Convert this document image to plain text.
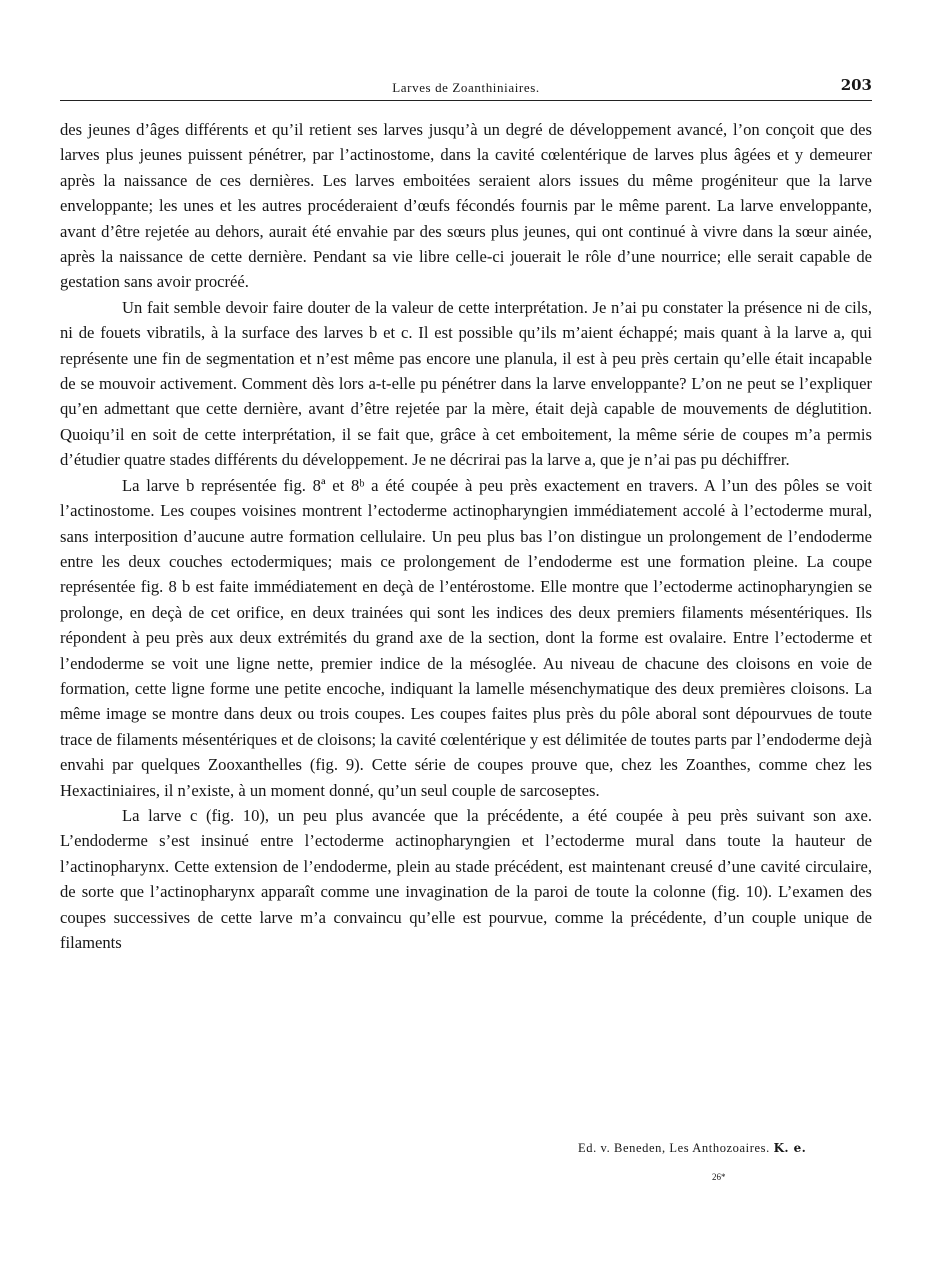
Larves de Zoanthiniaires.	203

des jeunes d’âges différents et qu’il retient ses larves jusqu’à un degré de développement avancé, l’on conçoit que des larves plus jeunes puissent pénétrer, par l’actinostome, dans la cavité cœlentérique de larves plus âgées et y demeurer après la naissance de ces dernières. Les larves emboitées seraient alors issues du même progéniteur que la larve enveloppante; les unes et les autres procéderaient d’œufs fécondés fournis par le même parent. La larve enveloppante, avant d’être rejetée au dehors, aurait été envahie par des sœurs plus jeunes, qui ont continué à vivre dans la sœur ainée, après la naissance de cette dernière. Pendant sa vie libre celle-ci jouerait le rôle d’une nourrice; elle serait capable de gestation sans avoir procréé.

Un fait semble devoir faire douter de la valeur de cette interprétation. Je n’ai pu constater la présence ni de cils, ni de fouets vibratils, à la surface des larves b et c. Il est possible qu’ils m’aient échappé; mais quant à la larve a, qui représente une fin de segmentation et n’est même pas encore une planula, il est à peu près certain qu’elle était incapable de se mouvoir activement. Comment dès lors a-t-elle pu pénétrer dans la larve enveloppante? L’on ne peut se l’expliquer qu’en admettant que cette dernière, avant d’être rejetée par la mère, était dejà capable de mouvements de déglutition. Quoiqu’il en soit de cette interprétation, il se fait que, grâce à cet emboitement, la même série de coupes m’a permis d’étudier quatre stades différents du développement. Je ne décrirai pas la larve a, que je n’ai pas pu déchiffrer.

La larve b représentée fig. 8ª et 8ᵇ a été coupée à peu près exactement en travers. A l’un des pôles se voit l’actinostome. Les coupes voisines montrent l’ectoderme actinopharyngien immédiatement accolé à l’ectoderme mural, sans interposition d’aucune autre formation cellulaire. Un peu plus bas l’on distingue un prolongement de l’endoderme entre les deux couches ectodermiques; mais ce prolongement de l’endoderme est une formation pleine. La coupe représentée fig. 8 b est faite immédiatement en deçà de l’entérostome. Elle montre que l’ectoderme actinopharyngien se prolonge, en deçà de cet orifice, en deux trainées qui sont les indices des deux premiers filaments mésentériques. Ils répondent à peu près aux deux extrémités du grand axe de la section, dont la forme est ovalaire. Entre l’ectoderme et l’endoderme se voit une ligne nette, premier indice de la mésoglée. Au niveau de chacune des cloisons en voie de formation, cette ligne forme une petite encoche, indiquant la lamelle mésenchymatique des deux premières cloisons. La même image se montre dans deux ou trois coupes. Les coupes faites plus près du pôle aboral sont dépourvues de toute trace de filaments mésentériques et de cloisons; la cavité cœlentérique y est délimitée de toutes parts par l’endoderme dejà envahi par quelques Zooxanthelles (fig. 9). Cette série de coupes prouve que, chez les Zoanthes, comme chez les Hexactiniaires, il n’existe, à un moment donné, qu’un seul couple de sarcoseptes.

La larve c (fig. 10), un peu plus avancée que la précédente, a été coupée à peu près suivant son axe. L’endoderme s’est insinué entre l’ectoderme actinopharyngien et l’ectoderme mural dans toute la hauteur de l’actinopharynx. Cette extension de l’endoderme, plein au stade précédent, est maintenant creusé d’une cavité circulaire, de sorte que l’actinopharynx apparaît comme une invagination de la paroi de toute la colonne (fig. 10). L’examen des coupes successives de cette larve m’a convaincu qu’elle est pourvue, comme la précédente, d’un couple unique de filaments

Ed. v. Beneden, Les Anthozoaires. K. e.
26*
